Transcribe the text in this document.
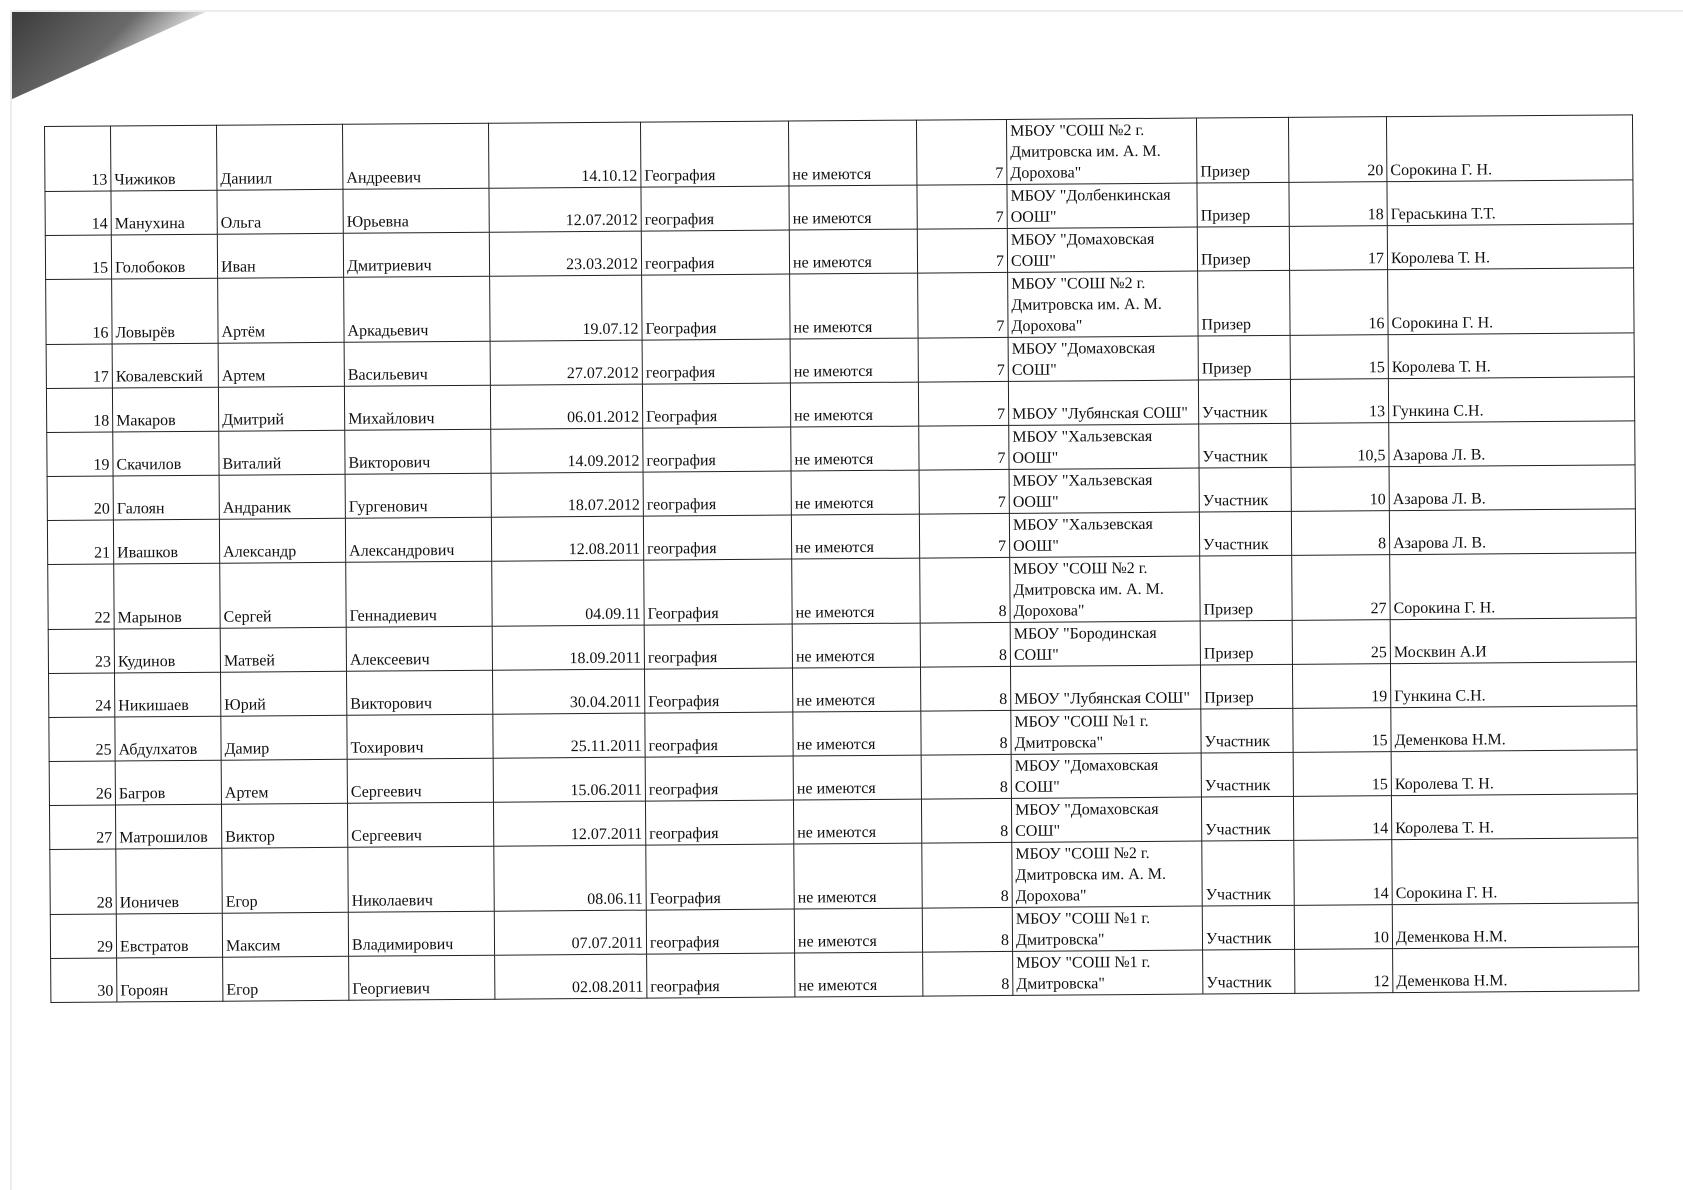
13	Чижиков	Даниил	Андреевич	14.10.12	География	не имеются	7	МБОУ "СОШ №2 г. Дмитровска им. А. М. Дорохова"	Призер	20	Сорокина Г. Н.
14	Манухина	Ольга	Юрьевна	12.07.2012	география	не имеются	7	МБОУ "Долбенкинская ООШ"	Призер	18	Гераськина Т.Т.
15	Голобоков	Иван	Дмитриевич	23.03.2012	география	не имеются	7	МБОУ "Домаховская СОШ"	Призер	17	Королева Т. Н.
16	Ловырёв	Артём	Аркадьевич	19.07.12	География	не имеются	7	МБОУ "СОШ №2 г. Дмитровска им. А. М. Дорохова"	Призер	16	Сорокина Г. Н.
17	Ковалевский	Артем	Васильевич	27.07.2012	география	не имеются	7	МБОУ "Домаховская СОШ"	Призер	15	Королева Т. Н.
18	Макаров	Дмитрий	Михайлович	06.01.2012	География	не имеются	7	МБОУ "Лубянская СОШ"	Участник	13	Гункина С.Н.
19	Скачилов	Виталий	Викторович	14.09.2012	география	не имеются	7	МБОУ "Хальзевская ООШ"	Участник	10,5	Азарова Л. В.
20	Галоян	Андраник	Гургенович	18.07.2012	география	не имеются	7	МБОУ "Хальзевская ООШ"	Участник	10	Азарова Л. В.
21	Ивашков	Александр	Александрович	12.08.2011	география	не имеются	7	МБОУ "Хальзевская ООШ"	Участник	8	Азарова Л. В.
22	Марынов	Сергей	Геннадиевич	04.09.11	География	не имеются	8	МБОУ "СОШ №2 г. Дмитровска им. А. М. Дорохова"	Призер	27	Сорокина Г. Н.
23	Кудинов	Матвей	Алексеевич	18.09.2011	география	не имеются	8	МБОУ "Бородинская СОШ"	Призер	25	Москвин А.И
24	Никишаев	Юрий	Викторович	30.04.2011	География	не имеются	8	МБОУ "Лубянская СОШ"	Призер	19	Гункина С.Н.
25	Абдулхатов	Дамир	Тохирович	25.11.2011	география	не имеются	8	МБОУ "СОШ №1 г. Дмитровска"	Участник	15	Деменкова Н.М.
26	Багров	Артем	Сергеевич	15.06.2011	география	не имеются	8	МБОУ "Домаховская СОШ"	Участник	15	Королева Т. Н.
27	Матрошилов	Виктор	Сергеевич	12.07.2011	география	не имеются	8	МБОУ "Домаховская СОШ"	Участник	14	Королева Т. Н.
28	Ионичев	Егор	Николаевич	08.06.11	География	не имеются	8	МБОУ "СОШ №2 г. Дмитровска им. А. М. Дорохова"	Участник	14	Сорокина Г. Н.
29	Евстратов	Максим	Владимирович	07.07.2011	география	не имеются	8	МБОУ "СОШ №1 г. Дмитровска"	Участник	10	Деменкова Н.М.
30	Горoян	Егор	Георгиевич	02.08.2011	география	не имеются	8	МБОУ "СОШ №1 г. Дмитровска"	Участник	12	Деменкова Н.М.
